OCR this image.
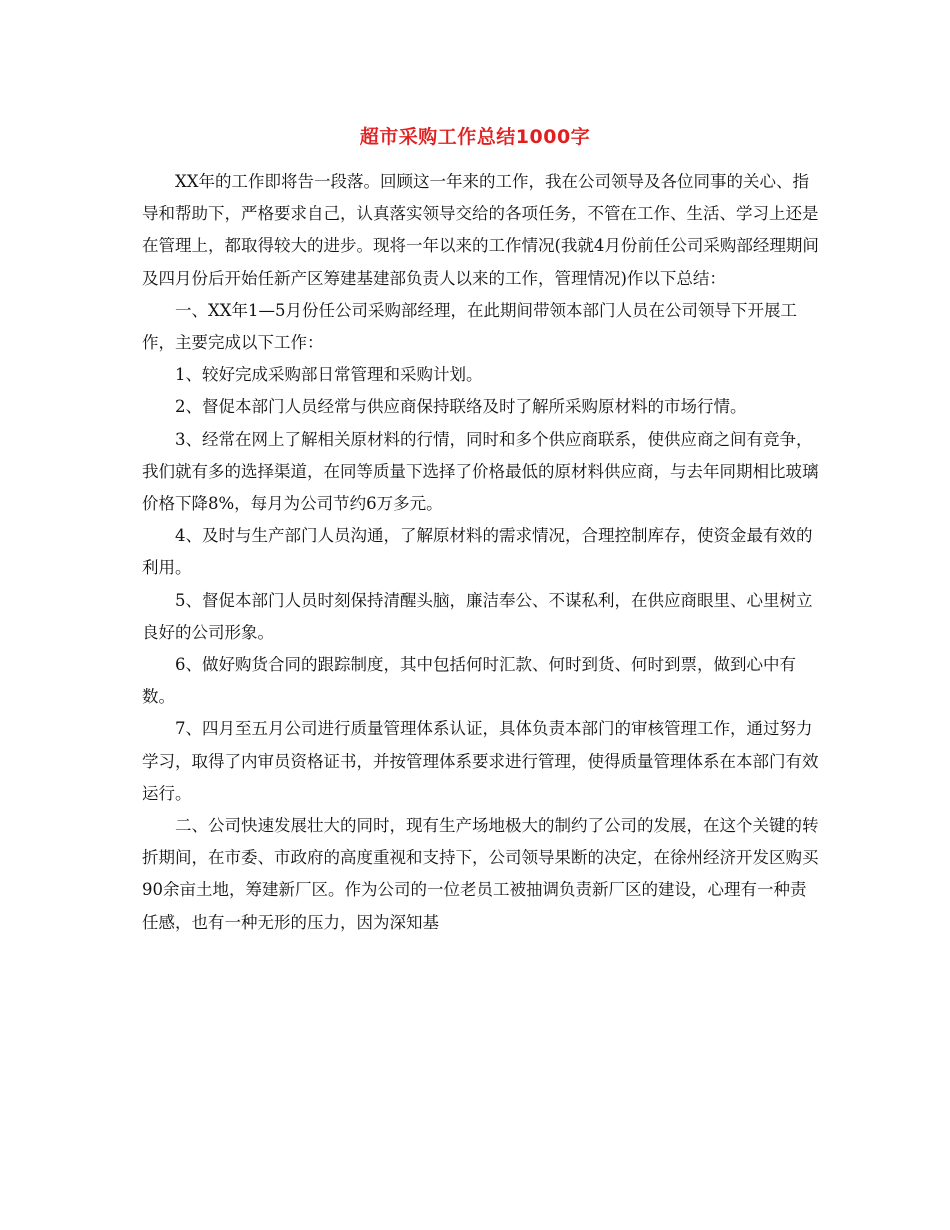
超市采购工作总结1000字

XX年的工作即将告一段落。回顾这一年来的工作，我在公司领导及各位同事的关心、指导和帮助下，严格要求自己，认真落实领导交给的各项任务，不管在工作、生活、学习上还是在管理上，都取得较大的进步。现将一年以来的工作情况(我就4月份前任公司采购部经理期间及四月份后开始任新产区筹建基建部负责人以来的工作，管理情况)作以下总结：

一、XX年1—5月份任公司采购部经理，在此期间带领本部门人员在公司领导下开展工作，主要完成以下工作：

1、较好完成采购部日常管理和采购计划。

2、督促本部门人员经常与供应商保持联络及时了解所采购原材料的市场行情。

3、经常在网上了解相关原材料的行情，同时和多个供应商联系，使供应商之间有竞争，我们就有多的选择渠道，在同等质量下选择了价格最低的原材料供应商，与去年同期相比玻璃价格下降8%，每月为公司节约6万多元。

4、及时与生产部门人员沟通，了解原材料的需求情况，合理控制库存，使资金最有效的利用。

5、督促本部门人员时刻保持清醒头脑，廉洁奉公、不谋私利，在供应商眼里、心里树立良好的公司形象。

6、做好购货合同的跟踪制度，其中包括何时汇款、何时到货、何时到票，做到心中有数。

7、四月至五月公司进行质量管理体系认证，具体负责本部门的审核管理工作，通过努力学习，取得了内审员资格证书，并按管理体系要求进行管理，使得质量管理体系在本部门有效运行。

二、公司快速发展壮大的同时，现有生产场地极大的制约了公司的发展，在这个关键的转折期间，在市委、市政府的高度重视和支持下，公司领导果断的决定，在徐州经济开发区购买90余亩土地，筹建新厂区。作为公司的一位老员工被抽调负责新厂区的建设，心理有一种责任感，也有一种无形的压力，因为深知基
